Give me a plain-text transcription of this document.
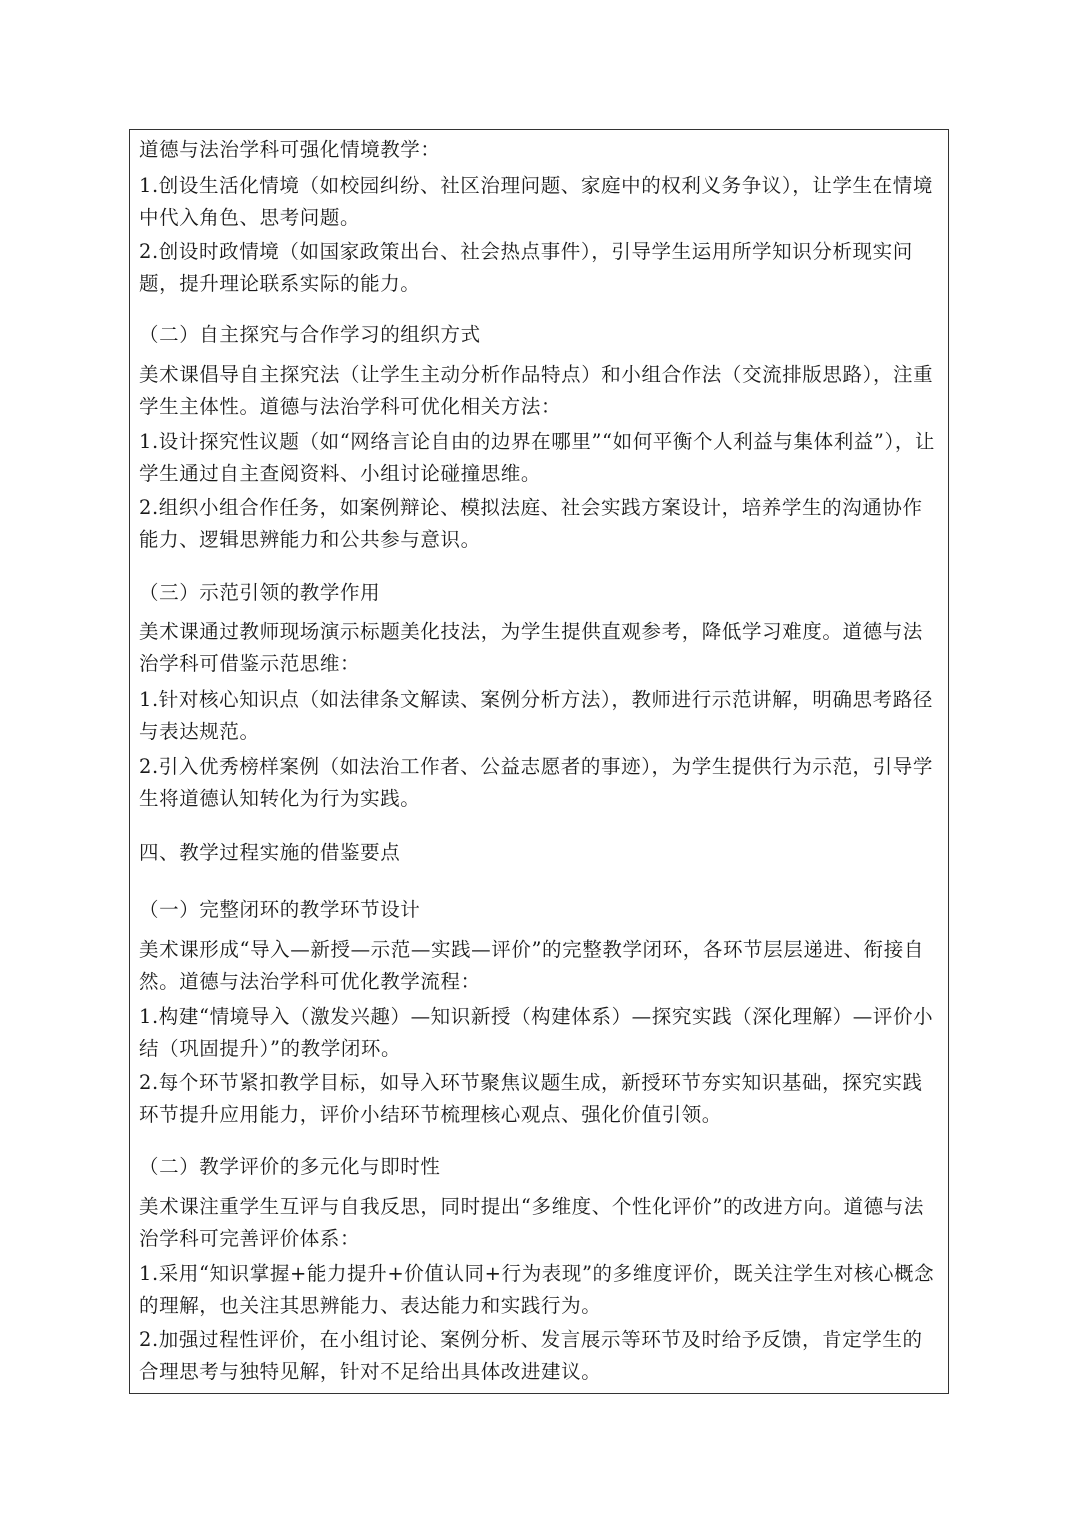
道德与法治学科可强化情境教学：

1.创设生活化情境（如校园纠纷、社区治理问题、家庭中的权利义务争议），让学生在情境中代入角色、思考问题。

2.创设时政情境（如国家政策出台、社会热点事件），引导学生运用所学知识分析现实问题，提升理论联系实际的能力。

（二）自主探究与合作学习的组织方式

美术课倡导自主探究法（让学生主动分析作品特点）和小组合作法（交流排版思路），注重学生主体性。道德与法治学科可优化相关方法：

1.设计探究性议题（如“网络言论自由的边界在哪里”“如何平衡个人利益与集体利益”），让学生通过自主查阅资料、小组讨论碰撞思维。

2.组织小组合作任务，如案例辩论、模拟法庭、社会实践方案设计，培养学生的沟通协作能力、逻辑思辨能力和公共参与意识。

（三）示范引领的教学作用

美术课通过教师现场演示标题美化技法，为学生提供直观参考，降低学习难度。道德与法治学科可借鉴示范思维：

1.针对核心知识点（如法律条文解读、案例分析方法），教师进行示范讲解，明确思考路径与表达规范。

2.引入优秀榜样案例（如法治工作者、公益志愿者的事迹），为学生提供行为示范，引导学生将道德认知转化为行为实践。

四、教学过程实施的借鉴要点

（一）完整闭环的教学环节设计

美术课形成“导入—新授—示范—实践—评价”的完整教学闭环，各环节层层递进、衔接自然。道德与法治学科可优化教学流程：

1.构建“情境导入（激发兴趣）—知识新授（构建体系）—探究实践（深化理解）—评价小结（巩固提升）”的教学闭环。

2.每个环节紧扣教学目标，如导入环节聚焦议题生成，新授环节夯实知识基础，探究实践环节提升应用能力，评价小结环节梳理核心观点、强化价值引领。

（二）教学评价的多元化与即时性

美术课注重学生互评与自我反思，同时提出“多维度、个性化评价”的改进方向。道德与法治学科可完善评价体系：

1.采用“知识掌握+能力提升+价值认同+行为表现”的多维度评价，既关注学生对核心概念的理解，也关注其思辨能力、表达能力和实践行为。

2.加强过程性评价，在小组讨论、案例分析、发言展示等环节及时给予反馈，肯定学生的合理思考与独特见解，针对不足给出具体改进建议。
